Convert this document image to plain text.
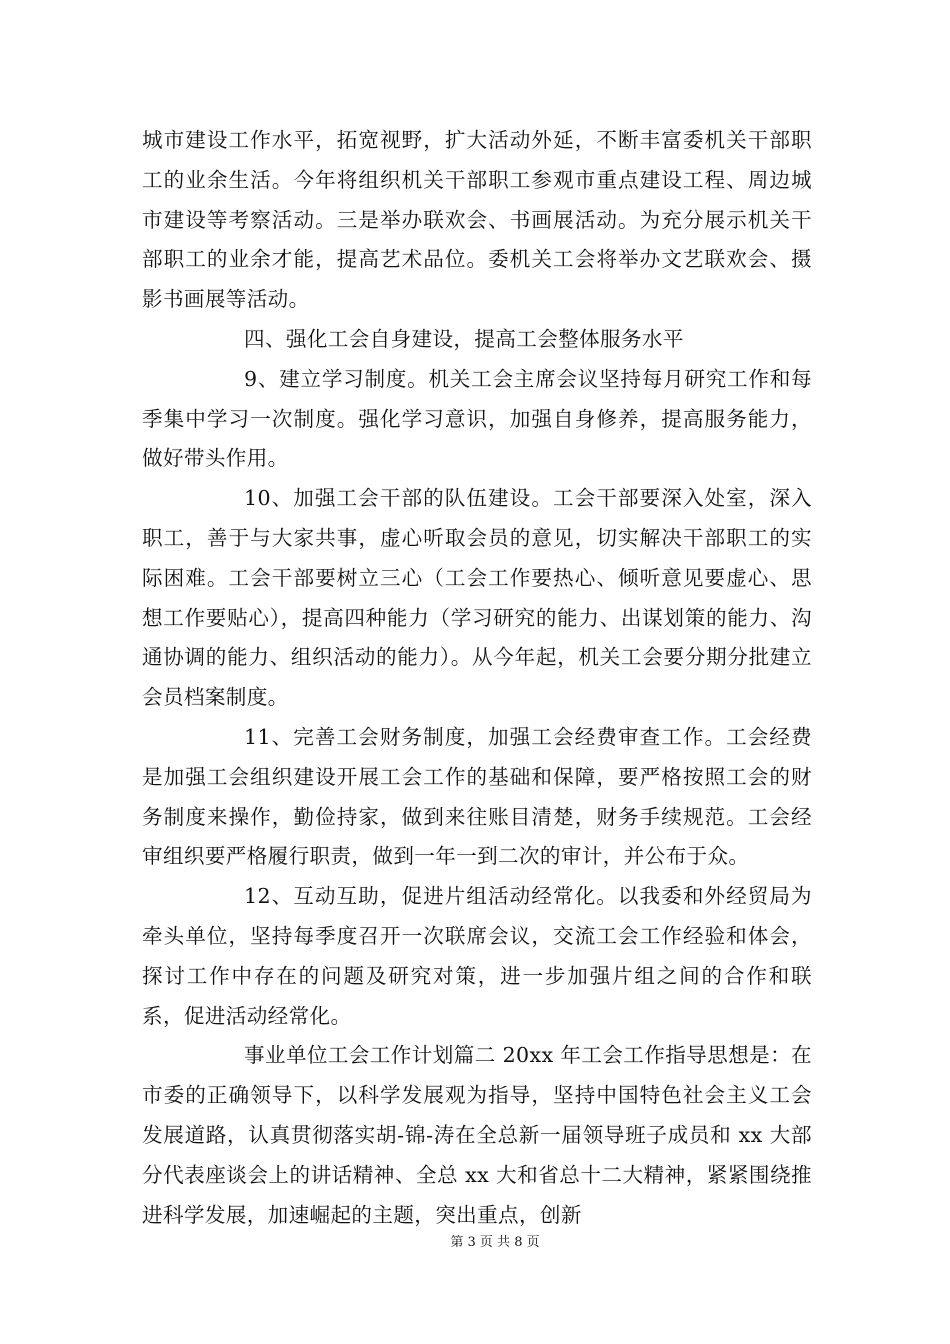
城市建设工作水平，拓宽视野，扩大活动外延，不断丰富委机关干部职工的业余生活。今年将组织机关干部职工参观市重点建设工程、周边城市建设等考察活动。三是举办联欢会、书画展活动。为充分展示机关干部职工的业余才能，提高艺术品位。委机关工会将举办文艺联欢会、摄影书画展等活动。

四、强化工会自身建设，提高工会整体服务水平

9、建立学习制度。机关工会主席会议坚持每月研究工作和每季集中学习一次制度。强化学习意识，加强自身修养，提高服务能力，做好带头作用。

10、加强工会干部的队伍建设。工会干部要深入处室，深入职工，善于与大家共事，虚心听取会员的意见，切实解决干部职工的实际困难。工会干部要树立三心（工会工作要热心、倾听意见要虚心、思想工作要贴心），提高四种能力（学习研究的能力、出谋划策的能力、沟通协调的能力、组织活动的能力）。从今年起，机关工会要分期分批建立会员档案制度。

11、完善工会财务制度，加强工会经费审查工作。工会经费是加强工会组织建设开展工会工作的基础和保障，要严格按照工会的财务制度来操作，勤俭持家，做到来往账目清楚，财务手续规范。工会经审组织要严格履行职责，做到一年一到二次的审计，并公布于众。

12、互动互助，促进片组活动经常化。以我委和外经贸局为牵头单位，坚持每季度召开一次联席会议，交流工会工作经验和体会，探讨工作中存在的问题及研究对策，进一步加强片组之间的合作和联系，促进活动经常化。

事业单位工会工作计划篇二 20xx 年工会工作指导思想是：在市委的正确领导下，以科学发展观为指导，坚持中国特色社会主义工会发展道路，认真贯彻落实胡-锦-涛在全总新一届领导班子成员和 xx 大部分代表座谈会上的讲话精神、全总 xx 大和省总十二大精神，紧紧围绕推进科学发展，加速崛起的主题，突出重点，创新

第 3 页 共 8 页
